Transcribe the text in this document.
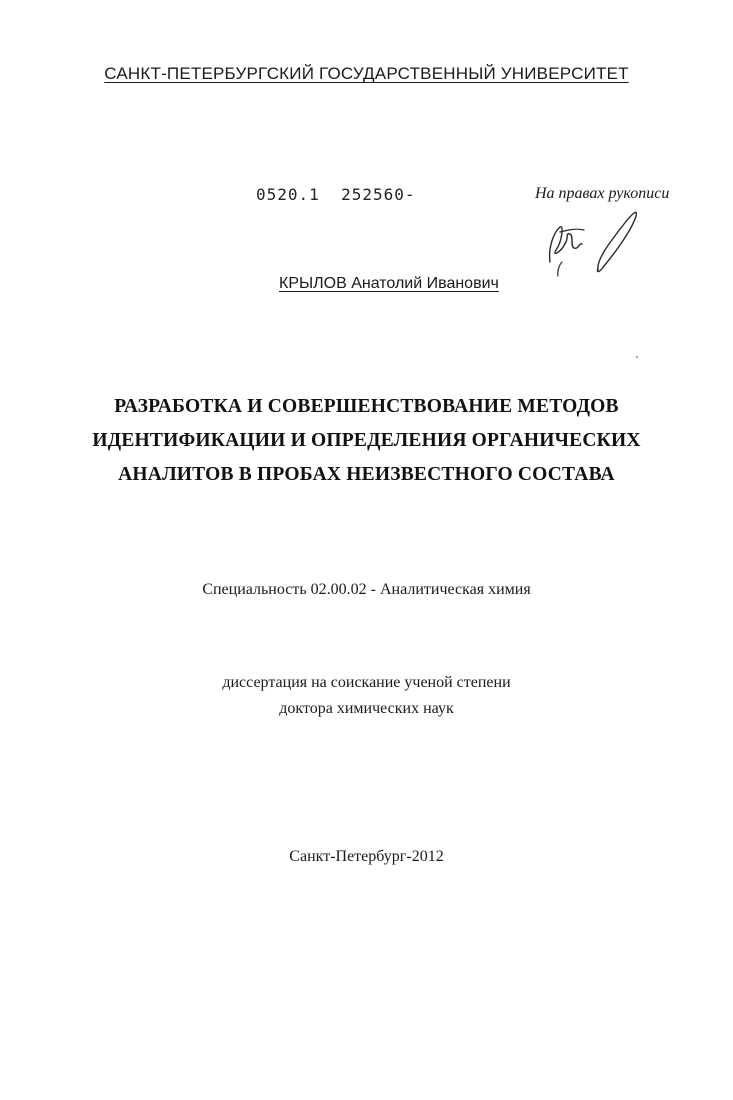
САНКТ-ПЕТЕРБУРГСКИЙ ГОСУДАРСТВЕННЫЙ УНИВЕРСИТЕТ
0520.1  252560-	На правах рукописи
КРЫЛОВ Анатолий Иванович
РАЗРАБОТКА И СОВЕРШЕНСТВОВАНИЕ МЕТОДОВ
ИДЕНТИФИКАЦИИ И ОПРЕДЕЛЕНИЯ ОРГАНИЧЕСКИХ
АНАЛИТОВ В ПРОБАХ НЕИЗВЕСТНОГО СОСТАВА
Специальность 02.00.02 - Аналитическая химия
диссертация на соискание ученой степени
доктора химических наук
Санкт-Петербург-2012
